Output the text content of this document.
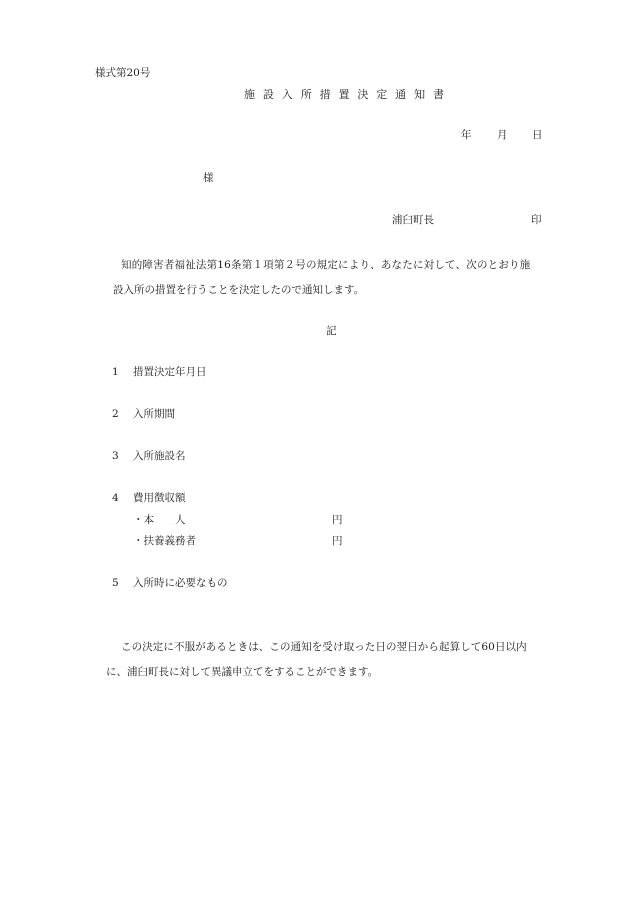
様式第20号
施 設 入 所 措 置 決 定 通 知 書
年 月 日
様
浦臼町長	印
知的障害者福祉法第16条第１項第２号の規定により、あなたに対して、次のとおり施
設入所の措置を行うことを決定したので通知します。
記
1 措置決定年月日
2 入所期間
3 入所施設名
4 費用徴収額
・本　　人	円
・扶養義務者	円
5 入所時に必要なもの
この決定に不服があるときは、この通知を受け取った日の翌日から起算して60日以内
に、浦臼町長に対して異議申立てをすることができます。
